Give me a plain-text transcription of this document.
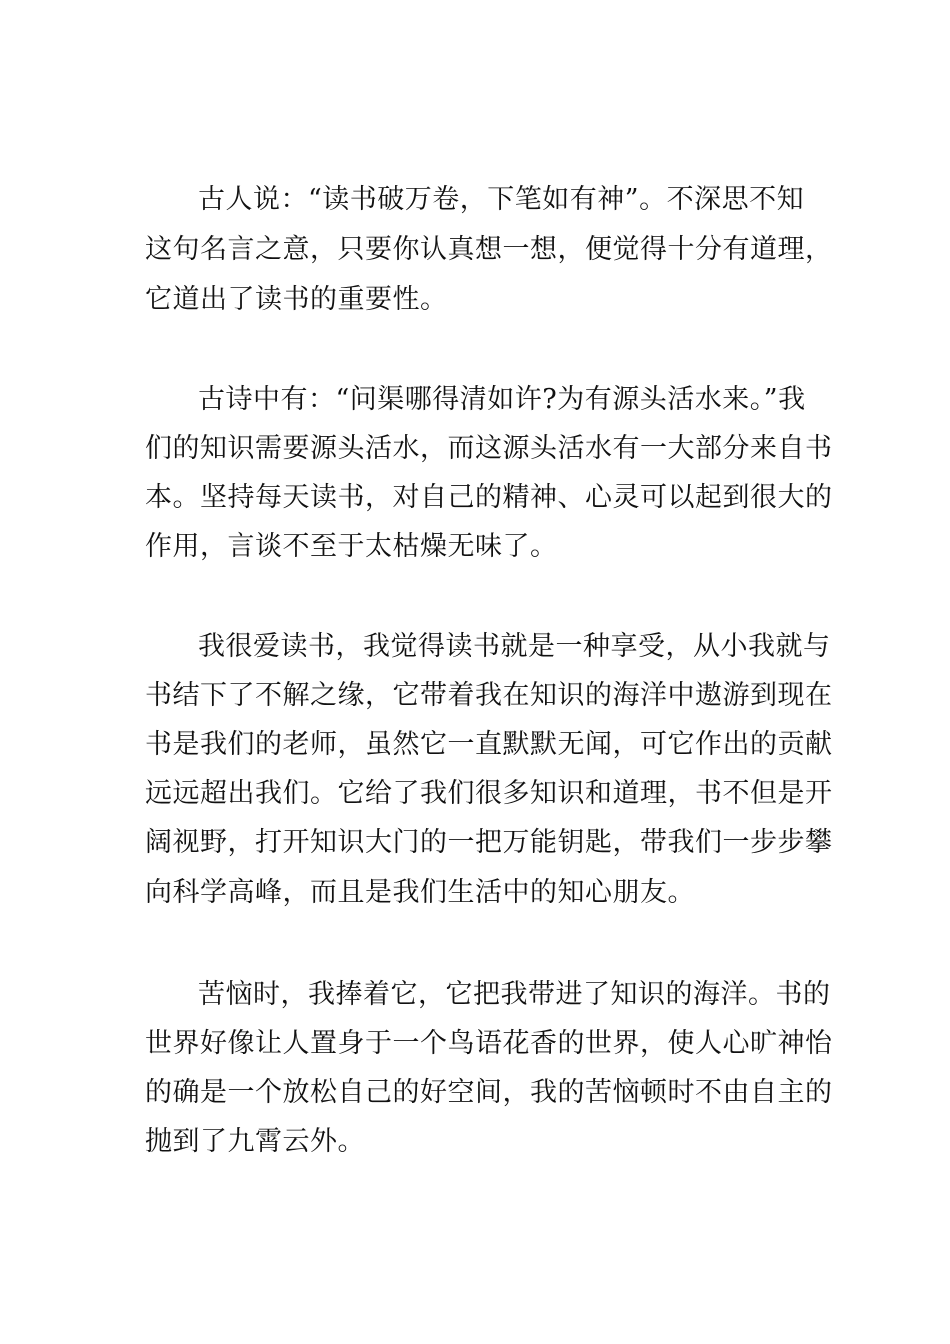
古人说：“读书破万卷，下笔如有神”。不深思不知
这句名言之意，只要你认真想一想，便觉得十分有道理，
它道出了读书的重要性。
古诗中有：“问渠哪得清如许?为有源头活水来。”我
们的知识需要源头活水，而这源头活水有一大部分来自书
本。坚持每天读书，对自己的精神、心灵可以起到很大的
作用，言谈不至于太枯燥无味了。
我很爱读书，我觉得读书就是一种享受，从小我就与
书结下了不解之缘，它带着我在知识的海洋中遨游到现在
书是我们的老师，虽然它一直默默无闻，可它作出的贡献
远远超出我们。它给了我们很多知识和道理，书不但是开
阔视野，打开知识大门的一把万能钥匙，带我们一步步攀
向科学高峰，而且是我们生活中的知心朋友。
苦恼时，我捧着它，它把我带进了知识的海洋。书的
世界好像让人置身于一个鸟语花香的世界，使人心旷神怡
的确是一个放松自己的好空间，我的苦恼顿时不由自主的
抛到了九霄云外。
